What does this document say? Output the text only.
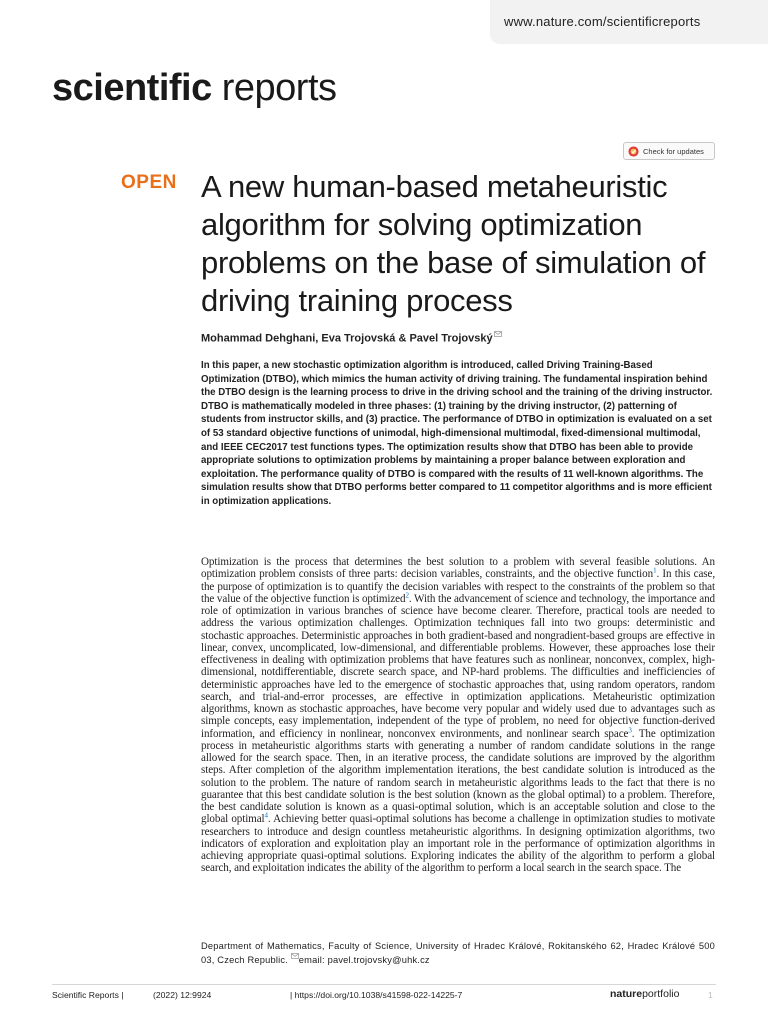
www.nature.com/scientificreports
scientific reports
Check for updates
OPEN A new human-based metaheuristic algorithm for solving optimization problems on the base of simulation of driving training process
Mohammad Dehghani, Eva Trojovská & Pavel Trojovský

In this paper, a new stochastic optimization algorithm is introduced, called Driving Training-Based Optimization (DTBO), which mimics the human activity of driving training. The fundamental inspiration behind the DTBO design is the learning process to drive in the driving school and the training of the driving instructor. DTBO is mathematically modeled in three phases: (1) training by the driving instructor, (2) patterning of students from instructor skills, and (3) practice. The performance of DTBO in optimization is evaluated on a set of 53 standard objective functions of unimodal, high-dimensional multimodal, fixed-dimensional multimodal, and IEEE CEC2017 test functions types. The optimization results show that DTBO has been able to provide appropriate solutions to optimization problems by maintaining a proper balance between exploration and exploitation. The performance quality of DTBO is compared with the results of 11 well-known algorithms. The simulation results show that DTBO performs better compared to 11 competitor algorithms and is more efficient in optimization applications.

Optimization is the process that determines the best solution to a problem with several feasible solutions. An optimization problem consists of three parts: decision variables, constraints, and the objective function$^1$. In this case, the purpose of optimization is to quantify the decision variables with respect to the constraints of the problem so that the value of the objective function is optimized$^2$. With the advancement of science and technology, the importance and role of optimization in various branches of science have become clearer. Therefore, practical tools are needed to address the various optimization challenges. Optimization techniques fall into two groups: deterministic and stochastic approaches. Deterministic approaches in both gradient-based and nongradient-based groups are effective in linear, convex, uncomplicated, low-dimensional, and differentiable problems. However, these approaches lose their effectiveness in dealing with optimization problems that have features such as nonlinear, nonconvex, complex, high-dimensional, notdifferentiable, discrete search space, and NP-hard problems. The difficulties and inefficiencies of deterministic approaches have led to the emergence of stochastic approaches that, using random operators, random search, and trial-and-error processes, are effective in optimization applications. Metaheuristic optimization algorithms, known as stochastic approaches, have become very popular and widely used due to advantages such as simple concepts, easy implementation, independent of the type of problem, no need for objective function-derived information, and efficiency in nonlinear, nonconvex environments, and nonlinear search space$^3$. The optimization process in metaheuristic algorithms starts with generating a number of random candidate solutions in the range allowed for the search space. Then, in an iterative process, the candidate solutions are improved by the algorithm steps. After completion of the algorithm implementation iterations, the best candidate solution is introduced as the solution to the problem. The nature of random search in metaheuristic algorithms leads to the fact that there is no guarantee that this best candidate solution is the best solution (known as the global optimal) to a problem. Therefore, the best candidate solution is known as a quasi-optimal solution, which is an acceptable solution and close to the global optimal$^4$. Achieving better quasi-optimal solutions has become a challenge in optimization studies to motivate researchers to introduce and design countless metaheuristic algorithms. In designing optimization algorithms, two indicators of exploration and exploitation play an important role in the performance of optimization algorithms in achieving appropriate quasi-optimal solutions. Exploring indicates the ability of the algorithm to perform a global search, and exploitation indicates the ability of the algorithm to perform a local search in the search space. The

Department of Mathematics, Faculty of Science, University of Hradec Králové, Rokitanského 62, Hradec Králové 500 03, Czech Republic. email: pavel.trojovsky@uhk.cz

Scientific Reports |	(2022) 12:9924	| https://doi.org/10.1038/s41598-022-14225-7	natureportfolio	1
